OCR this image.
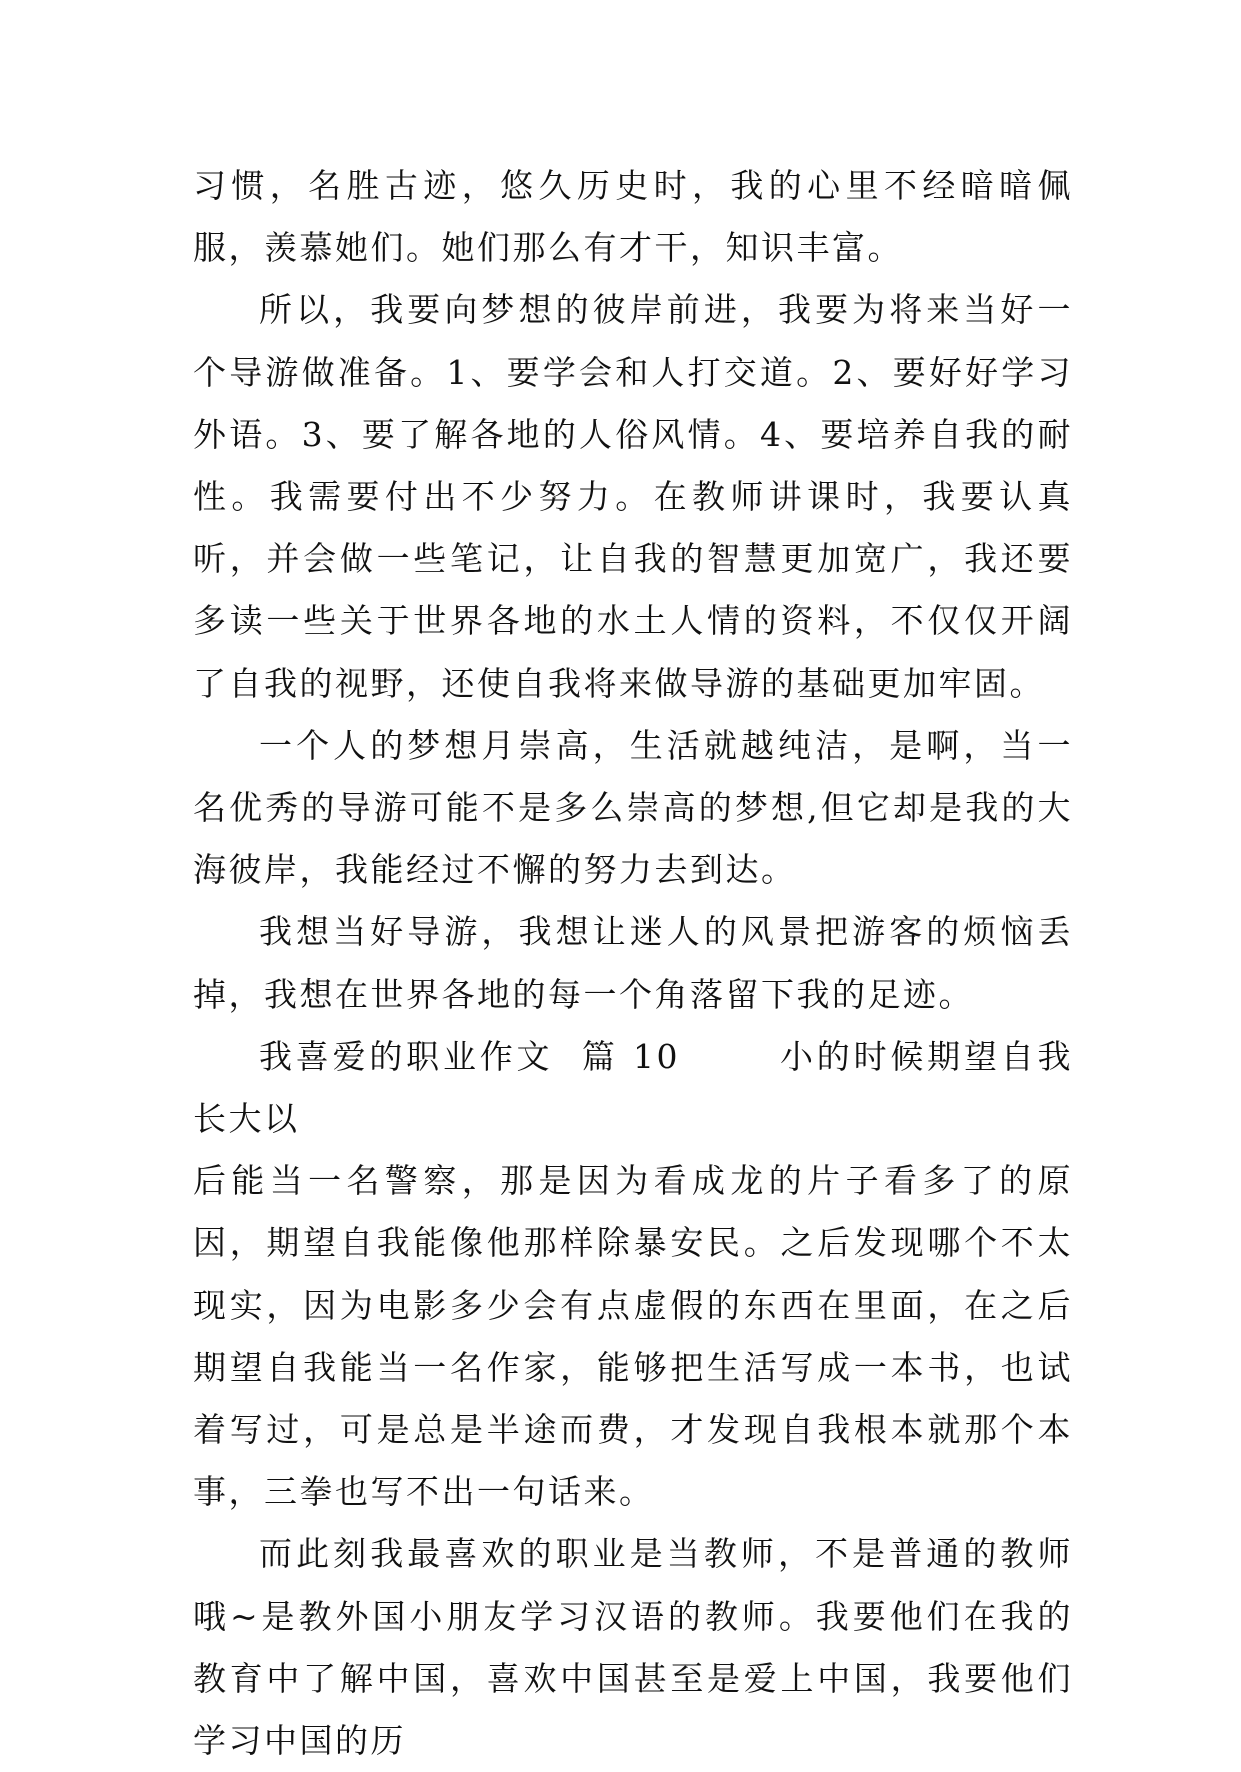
习惯，名胜古迹，悠久历史时，我的心里不经暗暗佩服，羡慕她们。她们那么有才干，知识丰富。

所以，我要向梦想的彼岸前进，我要为将来当好一个导游做准备。1、要学会和人打交道。2、要好好学习外语。3、要了解各地的人俗风情。4、要培养自我的耐性。我需要付出不少努力。在教师讲课时，我要认真听，并会做一些笔记，让自我的智慧更加宽广，我还要多读一些关于世界各地的水土人情的资料，不仅仅开阔了自我的视野，还使自我将来做导游的基础更加牢固。

一个人的梦想月崇高，生活就越纯洁，是啊，当一名优秀的导游可能不是多么崇高的梦想,但它却是我的大海彼岸，我能经过不懈的努力去到达。

我想当好导游，我想让迷人的风景把游客的烦恼丢掉，我想在世界各地的每一个角落留下我的足迹。

我喜爱的职业作文 篇 10	小的时候期望自我长大以

后能当一名警察，那是因为看成龙的片子看多了的原因，期望自我能像他那样除暴安民。之后发现哪个不太现实，因为电影多少会有点虚假的东西在里面，在之后期望自我能当一名作家，能够把生活写成一本书，也试着写过，可是总是半途而费，才发现自我根本就那个本事，三拳也写不出一句话来。

而此刻我最喜欢的职业是当教师，不是普通的教师哦~是教外国小朋友学习汉语的教师。我要他们在我的教育中了解中国，喜欢中国甚至是爱上中国，我要他们学习中国的历
